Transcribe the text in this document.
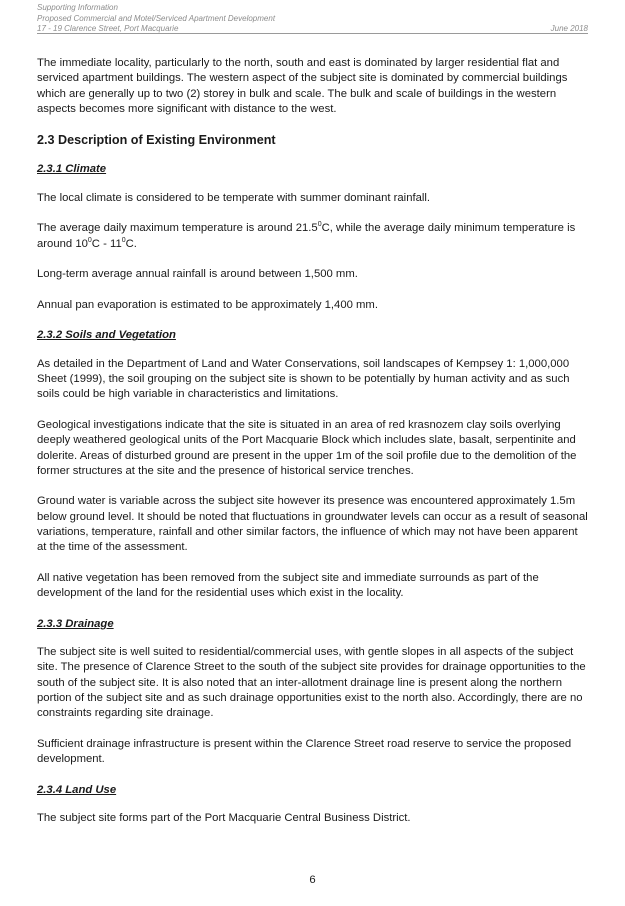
Supporting Information
Proposed Commercial and Motel/Serviced Apartment Development
17 - 19 Clarence Street, Port Macquarie	June 2018

The immediate locality, particularly to the north, south and east is dominated by larger residential flat and serviced apartment buildings. The western aspect of the subject site is dominated by commercial buildings which are generally up to two (2) storey in bulk and scale. The bulk and scale of buildings in the western aspects becomes more significant with distance to the west.

2.3 Description of Existing Environment
2.3.1 Climate

The local climate is considered to be temperate with summer dominant rainfall.

The average daily maximum temperature is around 21.5$^0$C, while the average daily minimum temperature is around $10^0C - 11^0C$.

Long-term average annual rainfall is around between 1,500 mm.

Annual pan evaporation is estimated to be approximately 1,400 mm.

2.3.2 Soils and Vegetation

As detailed in the Department of Land and Water Conservations, soil landscapes of Kempsey 1: 1,000,000 Sheet (1999), the soil grouping on the subject site is shown to be potentially by human activity and as such soils could be high variable in characteristics and limitations.

Geological investigations indicate that the site is situated in an area of red krasnozem clay soils overlying deeply weathered geological units of the Port Macquarie Block which includes slate, basalt, serpentinite and dolerite. Areas of disturbed ground are present in the upper 1m of the soil profile due to the demolition of the former structures at the site and the presence of historical service trenches.

Ground water is variable across the subject site however its presence was encountered approximately 1.5m below ground level. It should be noted that fluctuations in groundwater levels can occur as a result of seasonal variations, temperature, rainfall and other similar factors, the influence of which may not have been apparent at the time of the assessment.

All native vegetation has been removed from the subject site and immediate surrounds as part of the development of the land for the residential uses which exist in the locality.

2.3.3 Drainage

The subject site is well suited to residential/commercial uses, with gentle slopes in all aspects of the subject site. The presence of Clarence Street to the south of the subject site provides for drainage opportunities to the south of the subject site. It is also noted that an inter-allotment drainage line is present along the northern portion of the subject site and as such drainage opportunities exist to the north also. Accordingly, there are no constraints regarding site drainage.

Sufficient drainage infrastructure is present within the Clarence Street road reserve to service the proposed development.

2.3.4 Land Use

The subject site forms part of the Port Macquarie Central Business District.

6
